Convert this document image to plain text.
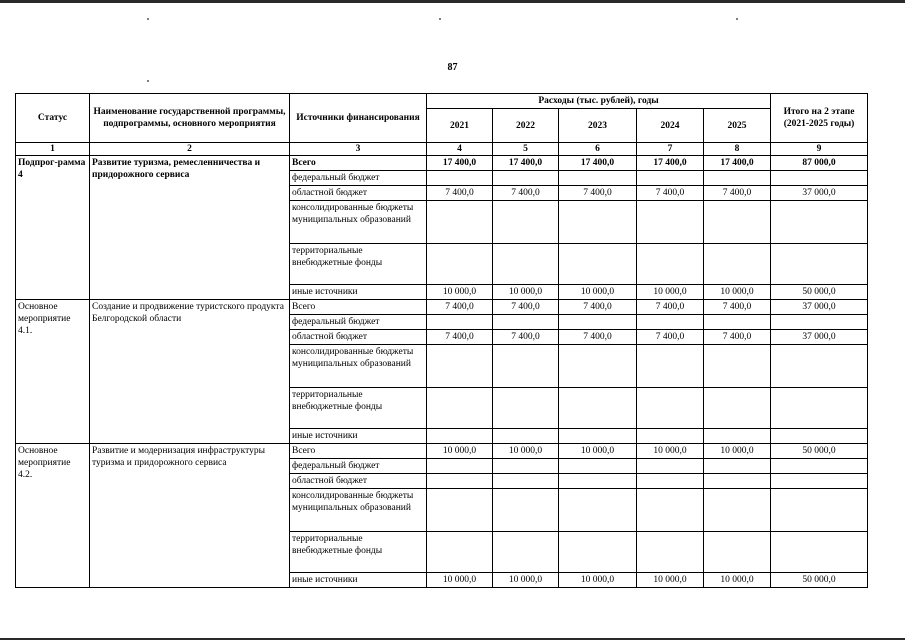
87
Статус	Наименование государственной программы, подпрограммы, основного мероприятия	Источники финансирования	Расходы (тыс. рублей), годы					Итого на 2 этапе (2021-2025 годы)
			2021	2022	2023	2024	2025	
1	2	3	4	5	6	7	8	9
Подпрог-рамма 4	Развитие туризма, ремесленничества и придорожного сервиса	Всего	17 400,0	17 400,0	17 400,0	17 400,0	17 400,0	87 000,0
		федеральный бюджет						
		областной бюджет	7 400,0	7 400,0	7 400,0	7 400,0	7 400,0	37 000,0
		консолидированные бюджеты муниципальных образований						
		территориальные внебюджетные фонды						
		иные источники	10 000,0	10 000,0	10 000,0	10 000,0	10 000,0	50 000,0
Основное мероприятие 4.1.	Создание и продвижение туристского продукта Белгородской области	Всего	7 400,0	7 400,0	7 400,0	7 400,0	7 400,0	37 000,0
		федеральный бюджет						
		областной бюджет	7 400,0	7 400,0	7 400,0	7 400,0	7 400,0	37 000,0
		консолидированные бюджеты муниципальных образований						
		территориальные внебюджетные фонды						
		иные источники						
Основное мероприятие 4.2.	Развитие и модернизация инфраструктуры туризма и придорожного сервиса	Всего	10 000,0	10 000,0	10 000,0	10 000,0	10 000,0	50 000,0
		федеральный бюджет						
		областной бюджет						
		консолидированные бюджеты муниципальных образований						
		территориальные внебюджетные фонды						
		иные источники	10 000,0	10 000,0	10 000,0	10 000,0	10 000,0	50 000,0
